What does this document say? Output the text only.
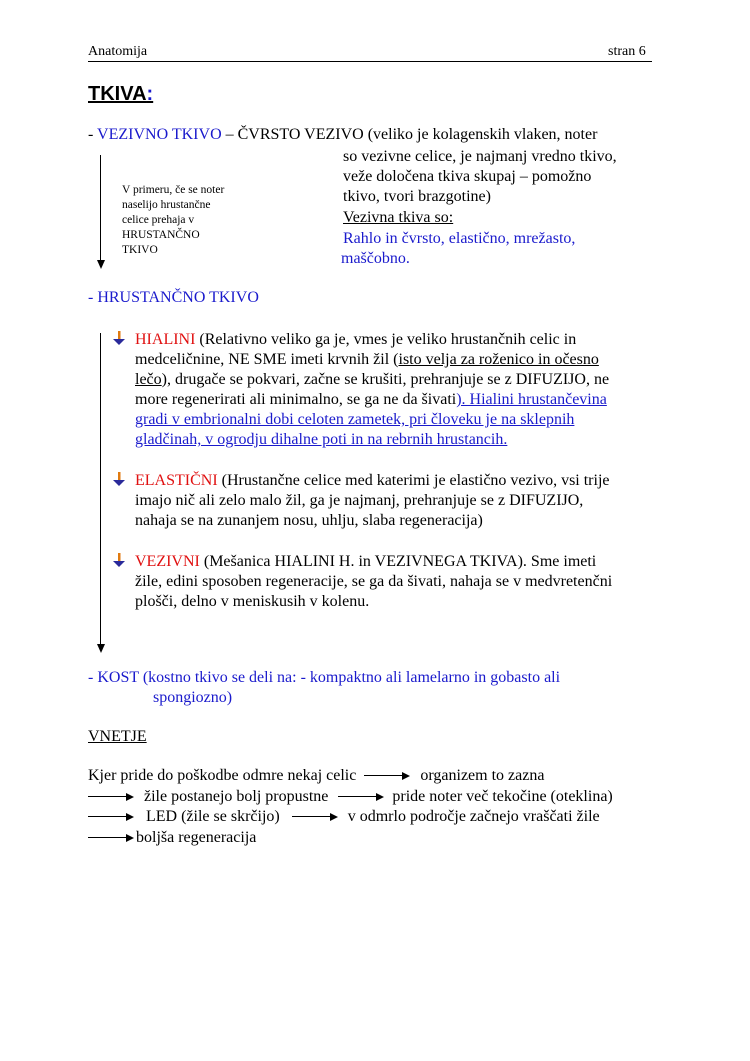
Anatomija	stran 6
TKIVA:
- VEZIVNO TKIVO – ČVRSTO VEZIVO (veliko je kolagenskih vlaken, noter
so vezivne celice, je najmanj vredno tkivo,
veže določena tkiva skupaj – pomožno
tkivo, tvori brazgotine)
Vezivna tkiva so:
Rahlo in čvrsto, elastično, mrežasto,
maščobno.
V primeru, če se noter
naselijo hrustančne
celice prehaja v
HRUSTANČNO
TKIVO
- HRUSTANČNO TKIVO
HIALINI (Relativno veliko ga je, vmes je veliko hrustančnih celic in
medceličnine, NE SME imeti krvnih žil (isto velja za roženico in očesno
lečo), drugače se pokvari, začne se krušiti, prehranjuje se z DIFUZIJO, ne
more regenerirati ali minimalno, se ga ne da šivati). Hialini hrustančevina
gradi v embrionalni dobi celoten zametek, pri človeku je na sklepnih
gladčinah, v ogrodju dihalne poti in na rebrnih hrustancih.
ELASTIČNI (Hrustančne celice med katerimi je elastično vezivo, vsi trije
imajo nič ali zelo malo žil, ga je najmanj, prehranjuje se z DIFUZIJO,
nahaja se na zunanjem nosu, uhlju, slaba regeneracija)
VEZIVNI (Mešanica HIALINI H. in VEZIVNEGA TKIVA). Sme imeti
žile, edini sposoben regeneracije, se ga da šivati, nahaja se v medvretenčni
plošči, delno v meniskusih v kolenu.
- KOST (kostno tkivo se deli na: - kompaktno ali lamelarno in gobasto ali
spongiozno)
VNETJE
Kjer pride do poškodbe odmre nekaj celic	organizem to zazna
žile postanejo bolj propustne	pride noter več tekočine (oteklina)
LED (žile se skrčijo)	v odmrlo področje začnejo vraščati žile
boljša regeneracija
